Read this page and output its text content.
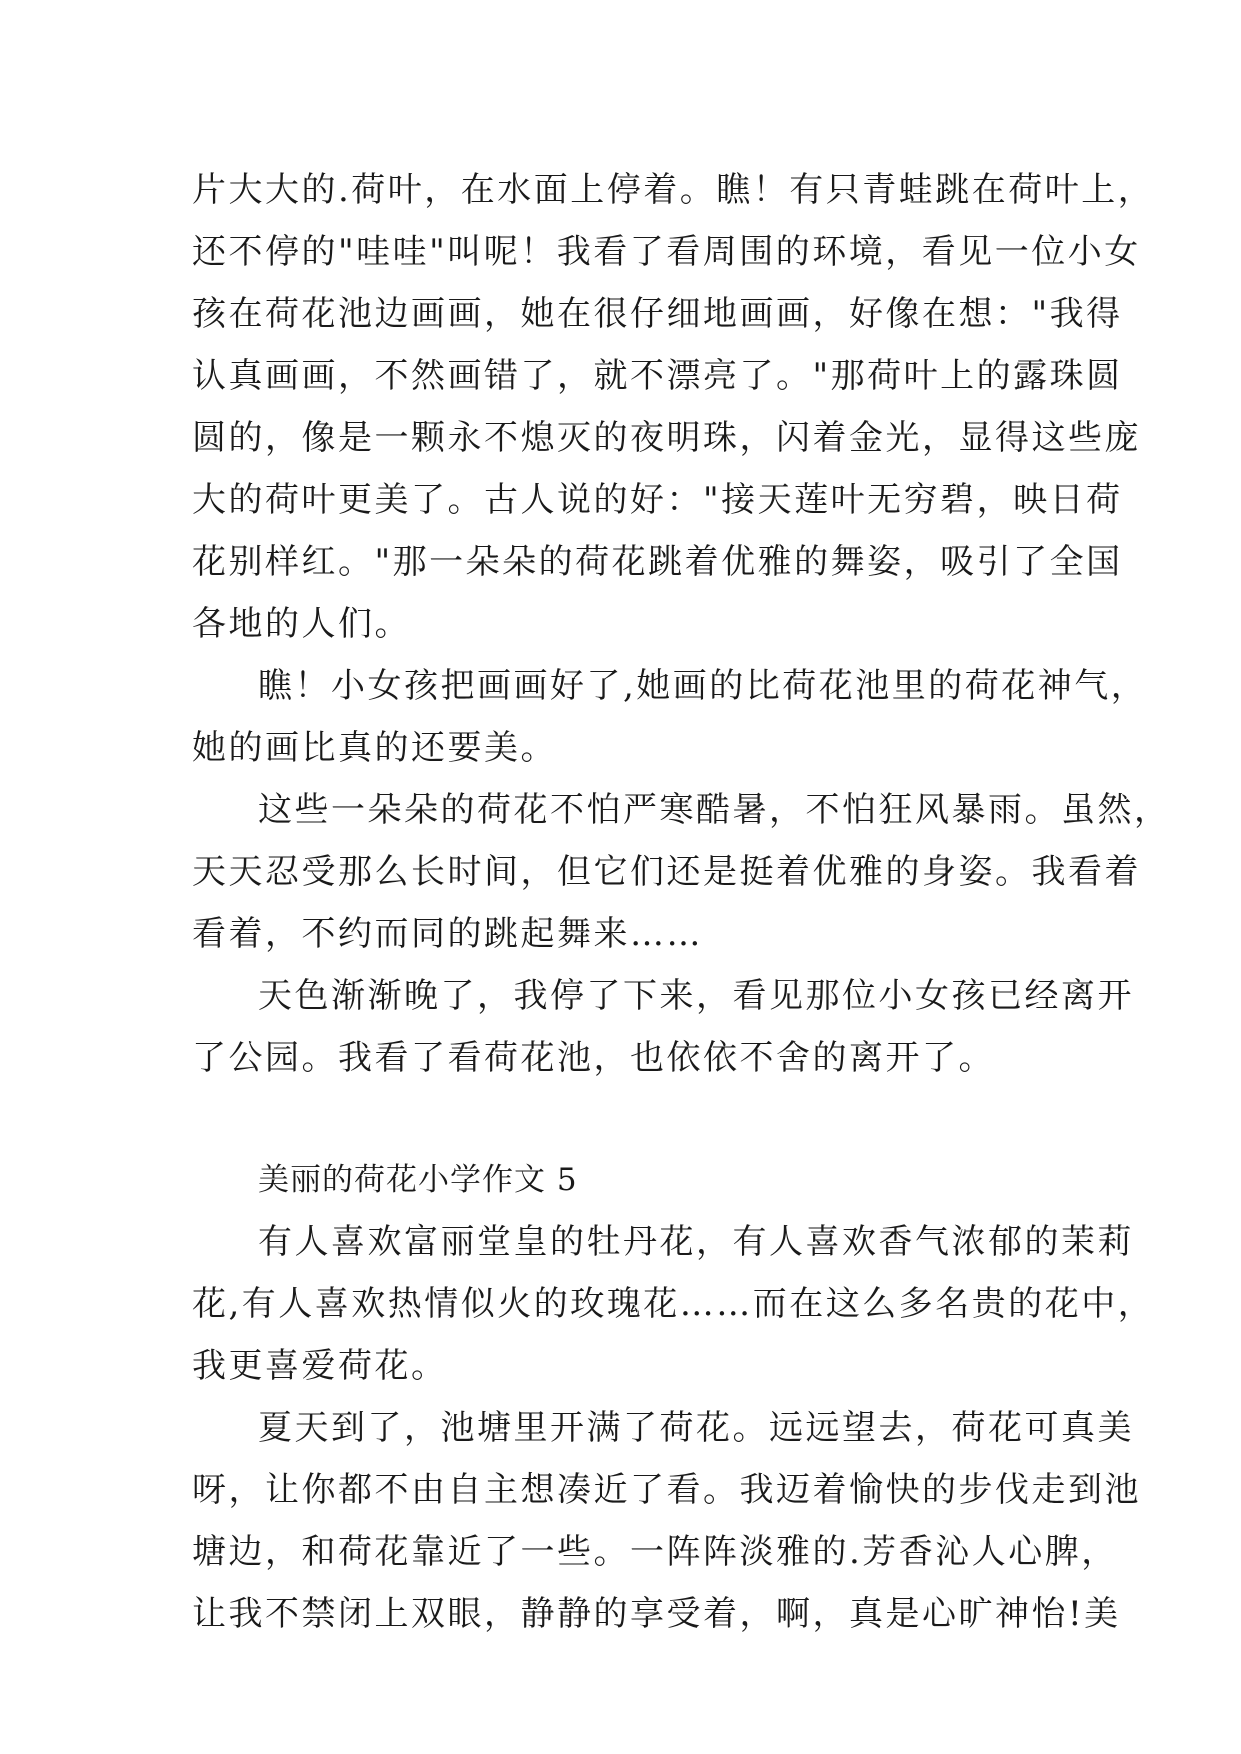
片大大的.荷叶，在水面上停着。瞧！有只青蛙跳在荷叶上，
还不停的"哇哇"叫呢！我看了看周围的环境，看见一位小女
孩在荷花池边画画，她在很仔细地画画，好像在想："我得
认真画画，不然画错了，就不漂亮了。"那荷叶上的露珠圆
圆的，像是一颗永不熄灭的夜明珠，闪着金光，显得这些庞
大的荷叶更美了。古人说的好："接天莲叶无穷碧，映日荷
花别样红。"那一朵朵的荷花跳着优雅的舞姿，吸引了全国
各地的人们。
瞧！小女孩把画画好了,她画的比荷花池里的荷花神气，
她的画比真的还要美。
这些一朵朵的荷花不怕严寒酷暑，不怕狂风暴雨。虽然，
天天忍受那么长时间，但它们还是挺着优雅的身姿。我看着
看着，不约而同的跳起舞来……
天色渐渐晚了，我停了下来，看见那位小女孩已经离开
了公园。我看了看荷花池，也依依不舍的离开了。
美丽的荷花小学作文 5
有人喜欢富丽堂皇的牡丹花，有人喜欢香气浓郁的茉莉
花,有人喜欢热情似火的玫瑰花……而在这么多名贵的花中，
我更喜爱荷花。
夏天到了，池塘里开满了荷花。远远望去，荷花可真美
呀，让你都不由自主想凑近了看。我迈着愉快的步伐走到池
塘边，和荷花靠近了一些。一阵阵淡雅的.芳香沁人心脾，
让我不禁闭上双眼，静静的享受着，啊，真是心旷神怡!美
